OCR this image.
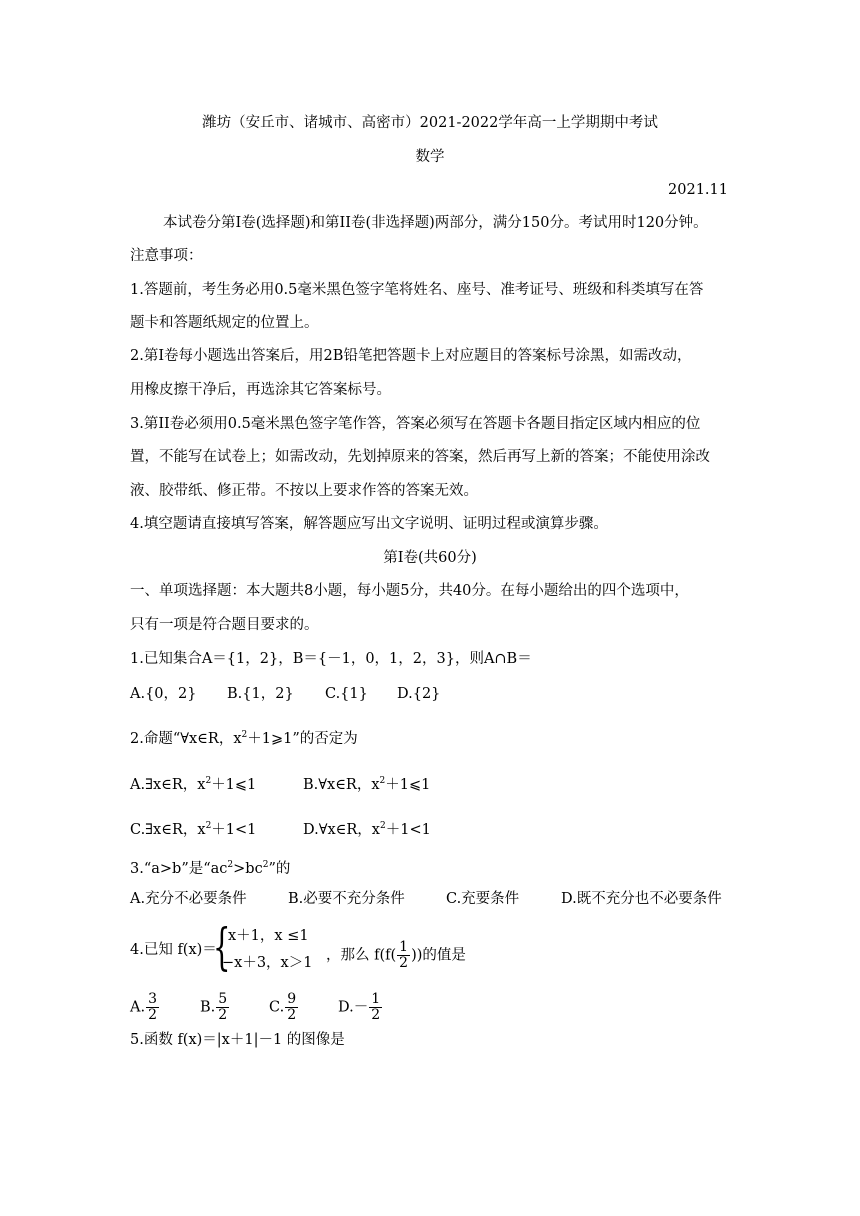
潍坊（安丘市、诸城市、高密市）2021-2022学年高一上学期期中考试
数学
2021.11
本试卷分第I卷(选择题)和第II卷(非选择题)两部分，满分150分。考试用时120分钟。
注意事项：
1.答题前，考生务必用0.5毫米黑色签字笔将姓名、座号、准考证号、班级和科类填写在答
题卡和答题纸规定的位置上。
2.第I卷每小题选出答案后，用2B铅笔把答题卡上对应题目的答案标号涂黑，如需改动，
用橡皮擦干净后，再选涂其它答案标号。
3.第II卷必须用0.5毫米黑色签字笔作答，答案必须写在答题卡各题目指定区域内相应的位
置，不能写在试卷上；如需改动，先划掉原来的答案，然后再写上新的答案；不能使用涂改
液、胶带纸、修正带。不按以上要求作答的答案无效。
4.填空题请直接填写答案，解答题应写出文字说明、证明过程或演算步骤。
第I卷(共60分)
一、单项选择题：本大题共8小题，每小题5分，共40分。在每小题给出的四个选项中，
只有一项是符合题目要求的。
1.已知集合A＝{1，2}，B＝{－1，0，1，2，3}，则A∩B＝
A.{0，2} B.{1，2} C.{1} D.{2}
2.命题“∀x∈R，$x^2+1⩾1$”的否定为
A.∃x∈R，$x^2+1⩽1$	B.∀x∈R，$x^2+1⩽1$
C.∃x∈R，$x^2+1<1$	D.∀x∈R，$x^2+1<1$
3.“a>b”是“$ac^2>bc^2$”的
A.充分不必要条件	B.必要不充分条件	C.充要条件	D.既不充分也不必要条件
4.已知 f(x)＝
{
x＋1，x ≤1
−x＋3，x＞1 ，那么 $f(f( \frac{1}{2}$ ))的值是
A. $\frac{3}{2}$	B. $\frac{5}{2}$	C. $\frac{9}{2}$	$D.- \frac{1}{2}$
5.函数 f(x)＝|x＋1|－1 的图像是
